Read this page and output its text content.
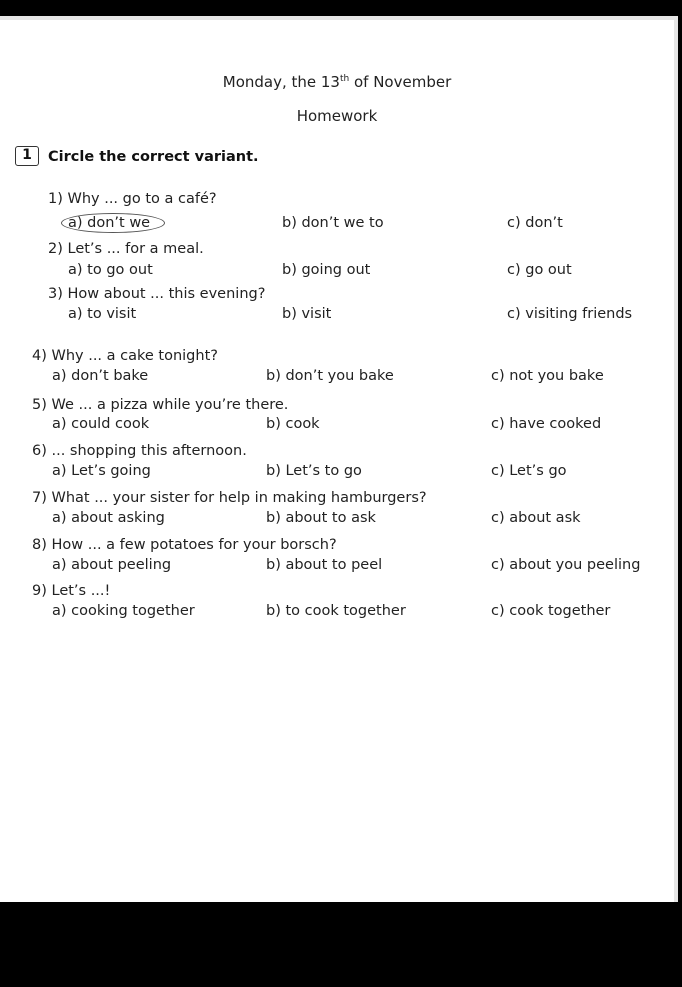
Monday, the 13th of November
Homework
1	Circle the correct variant.
1) Why ... go to a café?
a) don’t we	b) don’t we to	c) don’t
2) Let’s ... for a meal.
a) to go out	b) going out	c) go out
3) How about ... this evening?
a) to visit	b) visit	c) visiting friends
4) Why ... a cake tonight?
a) don’t bake	b) don’t you bake	c) not you bake
5) We ... a pizza while you’re there.
a) could cook	b) cook	c) have cooked
6) ... shopping this afternoon.
a) Let’s going	b) Let’s to go	c) Let’s go
7) What ... your sister for help in making hamburgers?
a) about asking	b) about to ask	c) about ask
8) How ... a few potatoes for your borsch?
a) about peeling	b) about to peel	c) about you peeling
9) Let’s ...!
a) cooking together	b) to cook together	c) cook together
